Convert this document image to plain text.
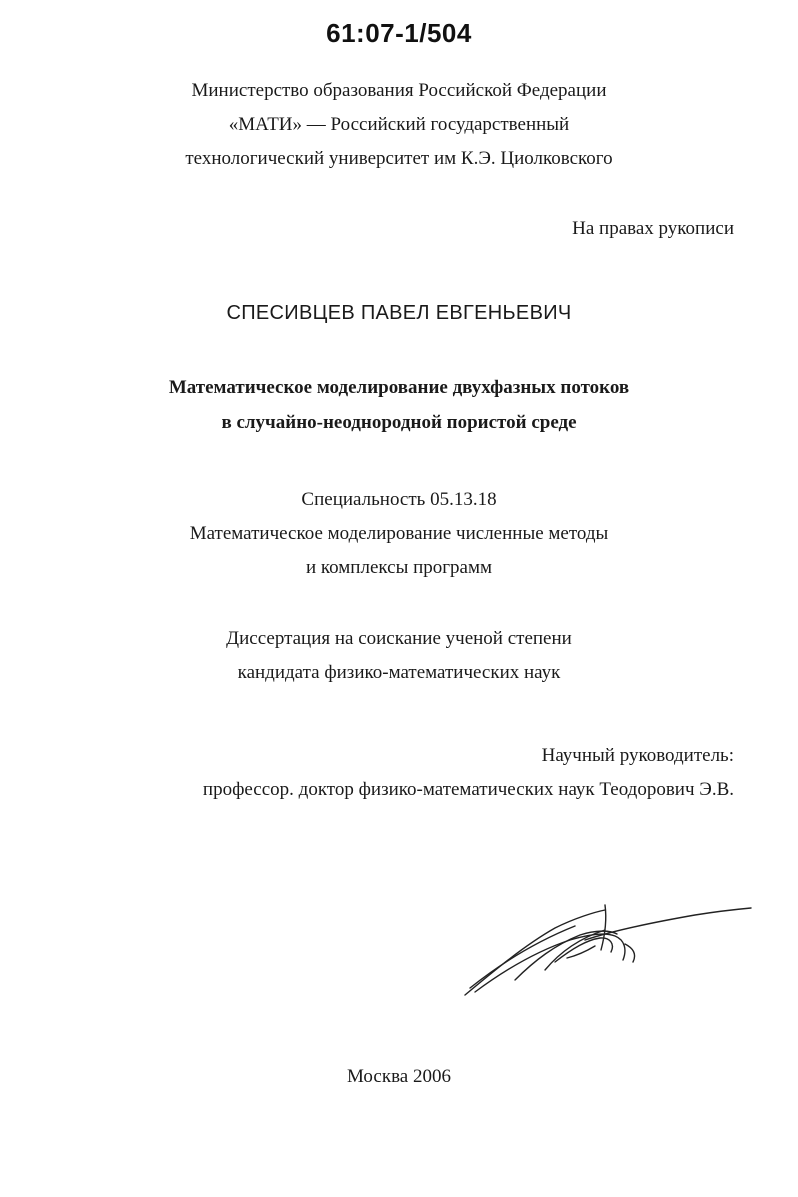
61:07-1/504
Министерство образования Российской Федерации
«МАТИ» — Российский государственный
технологический университет им К.Э. Циолковского
На правах рукописи
СПЕСИВЦЕВ ПАВЕЛ ЕВГЕНЬЕВИЧ
Математическое моделирование двухфазных потоков
в случайно-неоднородной пористой среде
Специальность 05.13.18
Математическое моделирование численные методы
и комплексы программ
Диссертация на соискание ученой степени
кандидата физико-математических наук
Научный руководитель:
профессор. доктор физико-математических наук Теодорович Э.В.
Москва 2006
